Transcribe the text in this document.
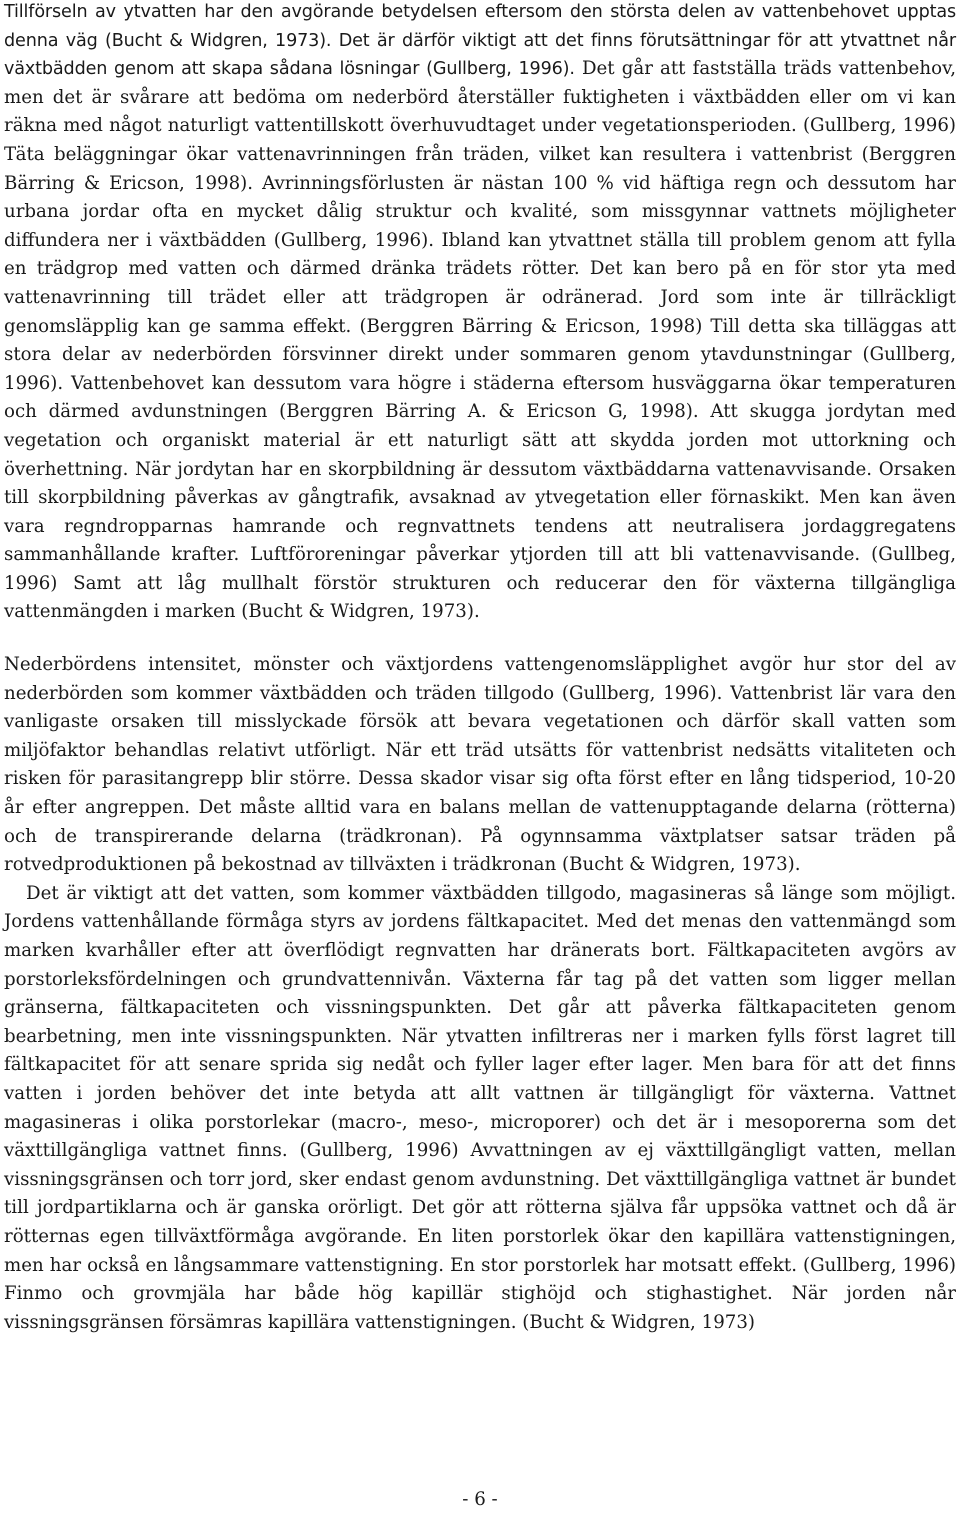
Tillförseln av ytvatten har den avgörande betydelsen eftersom den största delen av vattenbehovet upptas denna väg (Bucht & Widgren, 1973). Det är därför viktigt att det finns förutsättningar för att ytvattnet når växtbädden genom att skapa sådana lösningar (Gullberg, 1996). Det går att fastställa träds vattenbehov, men det är svårare att bedöma om nederbörd återställer fuktigheten i växtbädden eller om vi kan räkna med något naturligt vattentillskott överhuvudtaget under vegetationsperioden. (Gullberg, 1996) Täta beläggningar ökar vattenavrinningen från träden, vilket kan resultera i vattenbrist (Berggren Bärring & Ericson, 1998). Avrinningsförlusten är nästan 100 % vid häftiga regn och dessutom har urbana jordar ofta en mycket dålig struktur och kvalité, som missgynnar vattnets möjligheter diffundera ner i växtbädden (Gullberg, 1996). Ibland kan ytvattnet ställa till problem genom att fylla en trädgrop med vatten och därmed dränka trädets rötter. Det kan bero på en för stor yta med vattenavrinning till trädet eller att trädgropen är odränerad. Jord som inte är tillräckligt genomsläpplig kan ge samma effekt. (Berggren Bärring & Ericson, 1998) Till detta ska tilläggas att stora delar av nederbörden försvinner direkt under sommaren genom ytavdunstningar (Gullberg, 1996). Vattenbehovet kan dessutom vara högre i städerna eftersom husväggarna ökar temperaturen och därmed avdunstningen (Berggren Bärring A. & Ericson G, 1998). Att skugga jordytan med vegetation och organiskt material är ett naturligt sätt att skydda jorden mot uttorkning och överhettning. När jordytan har en skorpbildning är dessutom växtbäddarna vattenavvisande. Orsaken till skorpbildning påverkas av gångtrafik, avsaknad av ytvegetation eller förnaskikt. Men kan även vara regndropparnas hamrande och regnvattnets tendens att neutralisera jordaggregatens sammanhållande krafter. Luftföroreningar påverkar ytjorden till att bli vattenavvisande. (Gullbeg, 1996) Samt att låg mullhalt förstör strukturen och reducerar den för växterna tillgängliga vattenmängden i marken (Bucht & Widgren, 1973).

Nederbördens intensitet, mönster och växtjordens vattengenomsläpplighet avgör hur stor del av nederbörden som kommer växtbädden och träden tillgodo (Gullberg, 1996). Vattenbrist lär vara den vanligaste orsaken till misslyckade försök att bevara vegetationen och därför skall vatten som miljöfaktor behandlas relativt utförligt. När ett träd utsätts för vattenbrist nedsätts vitaliteten och risken för parasitangrepp blir större. Dessa skador visar sig ofta först efter en lång tidsperiod, 10-20 år efter angreppen. Det måste alltid vara en balans mellan de vattenupptagande delarna (rötterna) och de transpirerande delarna (trädkronan). På ogynnsamma växtplatser satsar träden på rotvedproduktionen på bekostnad av tillväxten i trädkronan (Bucht & Widgren, 1973).

Det är viktigt att det vatten, som kommer växtbädden tillgodo, magasineras så länge som möjligt. Jordens vattenhållande förmåga styrs av jordens fältkapacitet. Med det menas den vattenmängd som marken kvarhåller efter att överflödigt regnvatten har dränerats bort. Fältkapaciteten avgörs av porstorleksfördelningen och grundvattennivån. Växterna får tag på det vatten som ligger mellan gränserna, fältkapaciteten och vissningspunkten. Det går att påverka fältkapaciteten genom bearbetning, men inte vissningspunkten. När ytvatten infiltreras ner i marken fylls först lagret till fältkapacitet för att senare sprida sig nedåt och fyller lager efter lager. Men bara för att det finns vatten i jorden behöver det inte betyda att allt vattnen är tillgängligt för växterna. Vattnet magasineras i olika porstorlekar (macro-, meso-, microporer) och det är i mesoporerna som det växttillgängliga vattnet finns. (Gullberg, 1996) Avvattningen av ej växttillgängligt vatten, mellan vissningsgränsen och torr jord, sker endast genom avdunstning. Det växttillgängliga vattnet är bundet till jordpartiklarna och är ganska orörligt. Det gör att rötterna själva får uppsöka vattnet och då är rötternas egen tillväxtförmåga avgörande. En liten porstorlek ökar den kapillära vattenstigningen, men har också en långsammare vattenstigning. En stor porstorlek har motsatt effekt. (Gullberg, 1996) Finmo och grovmjäla har både hög kapillär stighöjd och stighastighet. När jorden når vissningsgränsen försämras kapillära vattenstigningen. (Bucht & Widgren, 1973)

- 6 -
